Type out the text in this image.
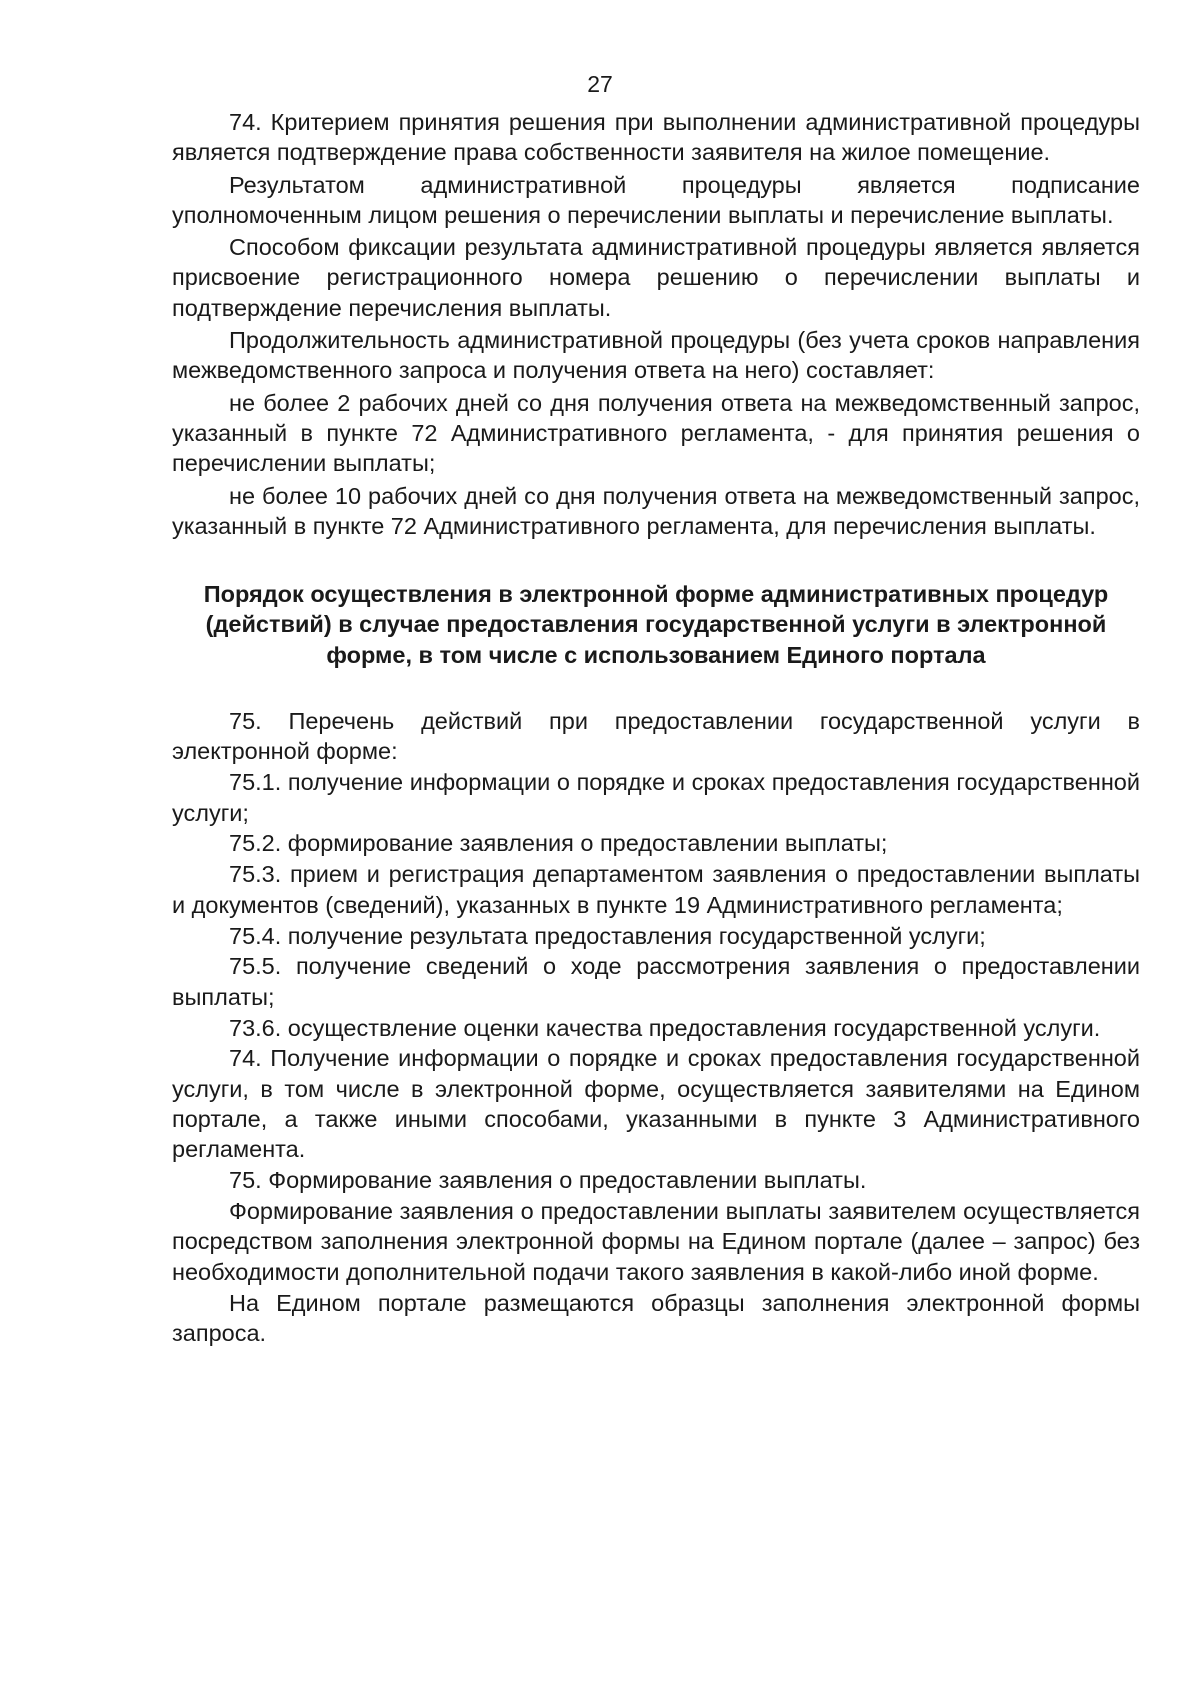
27

74. Критерием принятия решения при выполнении административной процедуры является подтверждение права собственности заявителя на жилое помещение.

Результатом административной процедуры является подписание уполномоченным лицом решения о перечислении выплаты и перечисление выплаты.

Способом фиксации результата административной процедуры является является присвоение регистрационного номера решению о перечислении выплаты и подтверждение перечисления выплаты.

Продолжительность административной процедуры (без учета сроков направления межведомственного запроса и получения ответа на него) составляет:

не более 2 рабочих дней со дня получения ответа на межведомственный запрос, указанный в пункте 72 Административного регламента, - для принятия решения о перечислении выплаты;

не более 10 рабочих дней со дня получения ответа на межведомственный запрос, указанный в пункте 72 Административного регламента, для перечисления выплаты.

Порядок осуществления в электронной форме административных процедур (действий) в случае предоставления государственной услуги в электронной форме, в том числе с использованием Единого портала

75. Перечень действий при предоставлении государственной услуги в электронной форме:

75.1. получение информации о порядке и сроках предоставления государственной услуги;

75.2. формирование заявления о предоставлении выплаты;

75.3. прием и регистрация департаментом заявления о предоставлении выплаты и документов (сведений), указанных в пункте 19 Административного регламента;

75.4. получение результата предоставления государственной услуги;

75.5. получение сведений о ходе рассмотрения заявления о предоставлении выплаты;

73.6. осуществление оценки качества предоставления государственной услуги.

74. Получение информации о порядке и сроках предоставления государственной услуги, в том числе в электронной форме, осуществляется заявителями на Едином портале, а также иными способами, указанными в пункте 3 Административного регламента.

75. Формирование заявления о предоставлении выплаты.

Формирование заявления о предоставлении выплаты заявителем осуществляется посредством заполнения электронной формы на Едином портале (далее – запрос) без необходимости дополнительной подачи такого заявления в какой-либо иной форме.

На Едином портале размещаются образцы заполнения электронной формы запроса.
